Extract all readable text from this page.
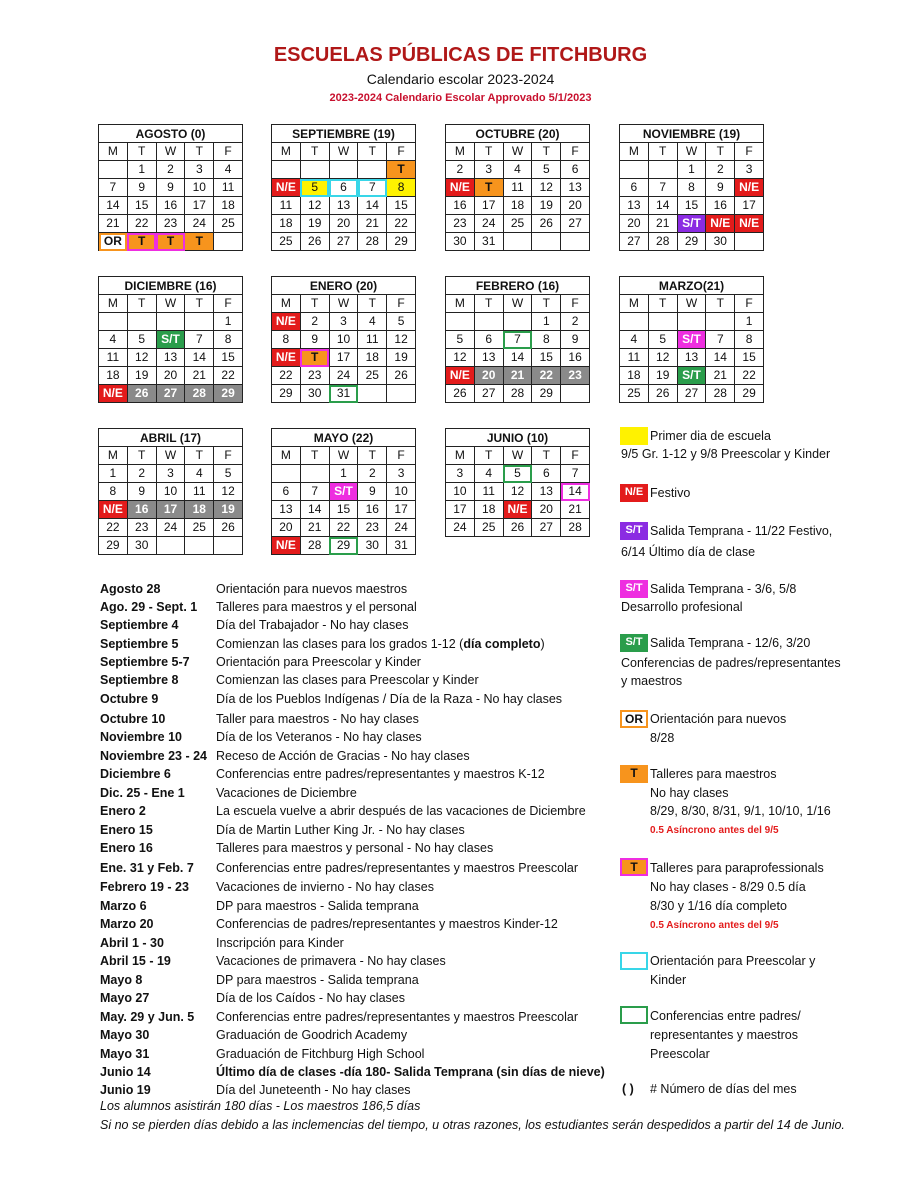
ESCUELAS PÚBLICAS DE FITCHBURG
Calendario escolar 2023-2024
2023-2024 Calendario Escolar Approvado 5/1/2023
AGOSTO (0)				
M	T	W	T	F
	1	2	3	4
7	9	9	10	11
14	15	16	17	18
21	22	23	24	25
OR	T	T	T	
SEPTIEMBRE (19)				
M	T	W	T	F
				T
N/E	5	6	7	8
11	12	13	14	15
18	19	20	21	22
25	26	27	28	29
OCTUBRE (20)				
M	T	W	T	F
2	3	4	5	6
N/E	T	11	12	13
16	17	18	19	20
23	24	25	26	27
30	31			
NOVIEMBRE (19)				
M	T	W	T	F
		1	2	3
6	7	8	9	N/E
13	14	15	16	17
20	21	S/T	N/E	N/E
27	28	29	30	
DICIEMBRE (16)				
M	T	W	T	F
				1
4	5	S/T	7	8
11	12	13	14	15
18	19	20	21	22
N/E	26	27	28	29
ENERO (20)				
M	T	W	T	F
N/E	2	3	4	5
8	9	10	11	12
N/E	T	17	18	19
22	23	24	25	26
29	30	31		
FEBRERO (16)				
M	T	W	T	F
			1	2
5	6	7	8	9
12	13	14	15	16
N/E	20	21	22	23
26	27	28	29	
MARZO(21)				
M	T	W	T	F
				1
4	5	S/T	7	8
11	12	13	14	15
18	19	S/T	21	22
25	26	27	28	29
ABRIL (17)				
M	T	W	T	F
1	2	3	4	5
8	9	10	11	12
N/E	16	17	18	19
22	23	24	25	26
29	30			
MAYO (22)				
M	T	W	T	F
		1	2	3
6	7	S/T	9	10
13	14	15	16	17
20	21	22	23	24
N/E	28	29	30	31
JUNIO (10)				
M	T	W	T	F
3	4	5	6	7
10	11	12	13	14
17	18	N/E	20	21
24	25	26	27	28
Primer dia de escuela
9/5 Gr. 1-12 y 9/8 Preescolar y Kinder
N/E Festivo
S/T Salida Temprana - 11/22 Festivo,
6/14 Último día de clase
S/T Salida Temprana - 3/6, 5/8
Desarrollo profesional
S/T Salida Temprana - 12/6, 3/20
Conferencias de padres/representantes
y maestros
OR Orientación para nuevos
8/28
T Talleres para maestros
No hay clases
8/29, 8/30, 8/31, 9/1, 10/10, 1/16
0.5 Asíncrono antes del 9/5
T Talleres para paraprofessionals
No hay clases - 8/29 0.5 día
8/30 y 1/16 día completo
0.5 Asíncrono antes del 9/5
Orientación para Preescolar y
Kinder
Conferencias entre padres/
representantes y maestros
Preescolar
( ) # Número de días del mes
Agosto 28	Orientación para nuevos maestros
Ago. 29 - Sept. 1 Talleres para maestros y el personal
Septiembre 4	Día del Trabajador - No hay clases
Septiembre 5	Comienzan las clases para los grados 1-12 (día completo)
Septiembre 5-7 Orientación para Preescolar y Kinder
Septiembre 8	Comienzan las clases para Preescolar y Kinder
Octubre 9	Día de los Pueblos Indígenas / Día de la Raza - No hay clases
Octubre 10	Taller para maestros - No hay clases
Noviembre 10	Día de los Veteranos - No hay clases
Noviembre 23 - 24 Receso de Acción de Gracias - No hay clases
Diciembre 6	Conferencias entre padres/representantes y maestros K-12
Dic. 25 - Ene 1 Vacaciones de Diciembre
Enero 2	La escuela vuelve a abrir después de las vacaciones de Diciembre
Enero 15	Día de Martin Luther King Jr. - No hay clases
Enero 16	Talleres para maestros y personal - No hay clases
Ene. 31 y Feb. 7 Conferencias entre padres/representantes y maestros Preescolar
Febrero 19 - 23 Vacaciones de invierno - No hay clases
Marzo 6	DP para maestros - Salida temprana
Marzo 20	Conferencias de padres/representantes y maestros Kinder-12
Abril 1 - 30	Inscripción para Kinder
Abril 15 - 19	Vacaciones de primavera - No hay clases
Mayo 8	DP para maestros - Salida temprana
Mayo 27	Día de los Caídos - No hay clases
May. 29 y Jun. 5 Conferencias entre padres/representantes y maestros Preescolar
Mayo 30	Graduación de Goodrich Academy
Mayo 31	Graduación de Fitchburg High School
Junio 14	Último día de clases -día 180- Salida Temprana (sin días de nieve)
Junio 19	Día del Juneteenth - No hay clases
Los alumnos asistirán 180 días - Los maestros 186,5 días
Si no se pierden días debido a las inclemencias del tiempo, u otras razones, los estudiantes serán despedidos a partir del 14 de Junio.
